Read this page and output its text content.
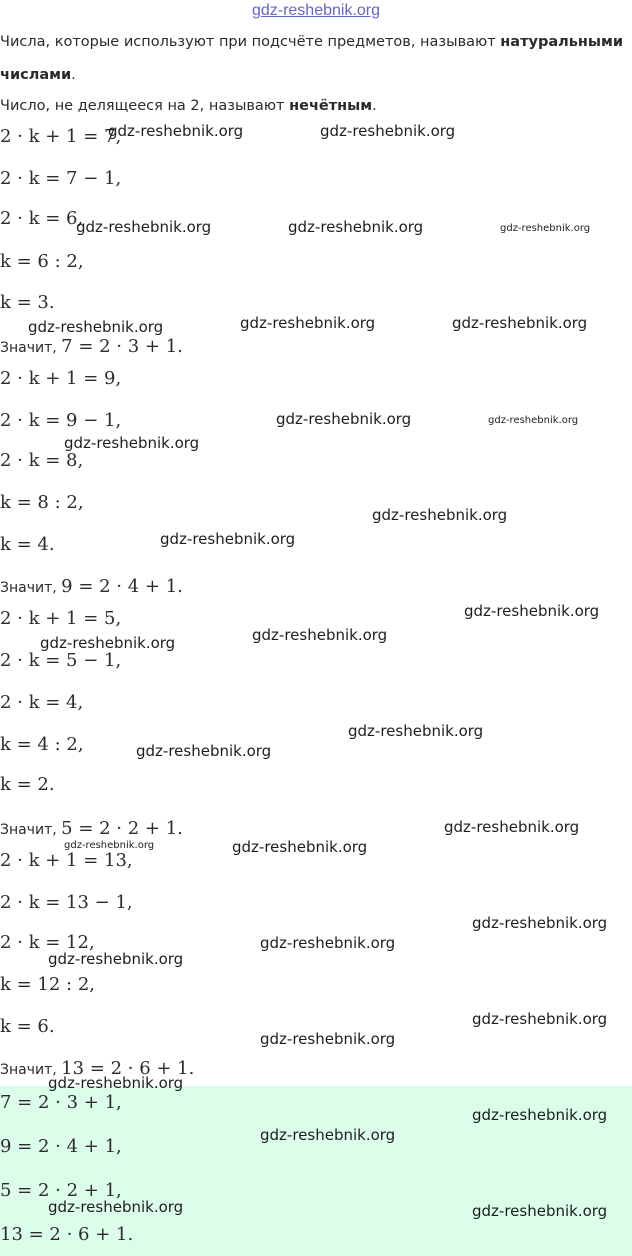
gdz-reshebnik.org
Числа, которые используют при подсчёте предметов, называют натуральными
числами.
Число, не делящееся на 2, называют нечётным.
2 · k + 1 = 7,
2 · k = 7 − 1,
2 · k = 6,
k = 6 : 2,
k = 3.
Значит, 7 = 2 · 3 + 1.
2 · k + 1 = 9,
2 · k = 9 − 1,
2 · k = 8,
k = 8 : 2,
k = 4.
Значит, 9 = 2 · 4 + 1.
2 · k + 1 = 5,
2 · k = 5 − 1,
2 · k = 4,
k = 4 : 2,
k = 2.
Значит, 5 = 2 · 2 + 1.
2 · k + 1 = 13,
2 · k = 13 − 1,
2 · k = 12,
k = 12 : 2,
k = 6.
Значит, 13 = 2 · 6 + 1.
7 = 2 · 3 + 1,
9 = 2 · 4 + 1,
5 = 2 · 2 + 1,
13 = 2 · 6 + 1.
gdz-reshebnik.org	gdz-reshebnik.org
gdz-reshebnik.org	gdz-reshebnik.org	gdz-reshebnik.org
gdz-reshebnik.org	gdz-reshebnik.org	gdz-reshebnik.org
gdz-reshebnik.org	gdz-reshebnik.org
gdz-reshebnik.org
gdz-reshebnik.org
gdz-reshebnik.org
gdz-reshebnik.org
gdz-reshebnik.org
gdz-reshebnik.org
gdz-reshebnik.org
gdz-reshebnik.org
gdz-reshebnik.org
gdz-reshebnik.org	gdz-reshebnik.org
gdz-reshebnik.org
gdz-reshebnik.org
gdz-reshebnik.org
gdz-reshebnik.org
gdz-reshebnik.org
gdz-reshebnik.org
gdz-reshebnik.org
gdz-reshebnik.org
gdz-reshebnik.org	gdz-reshebnik.org
